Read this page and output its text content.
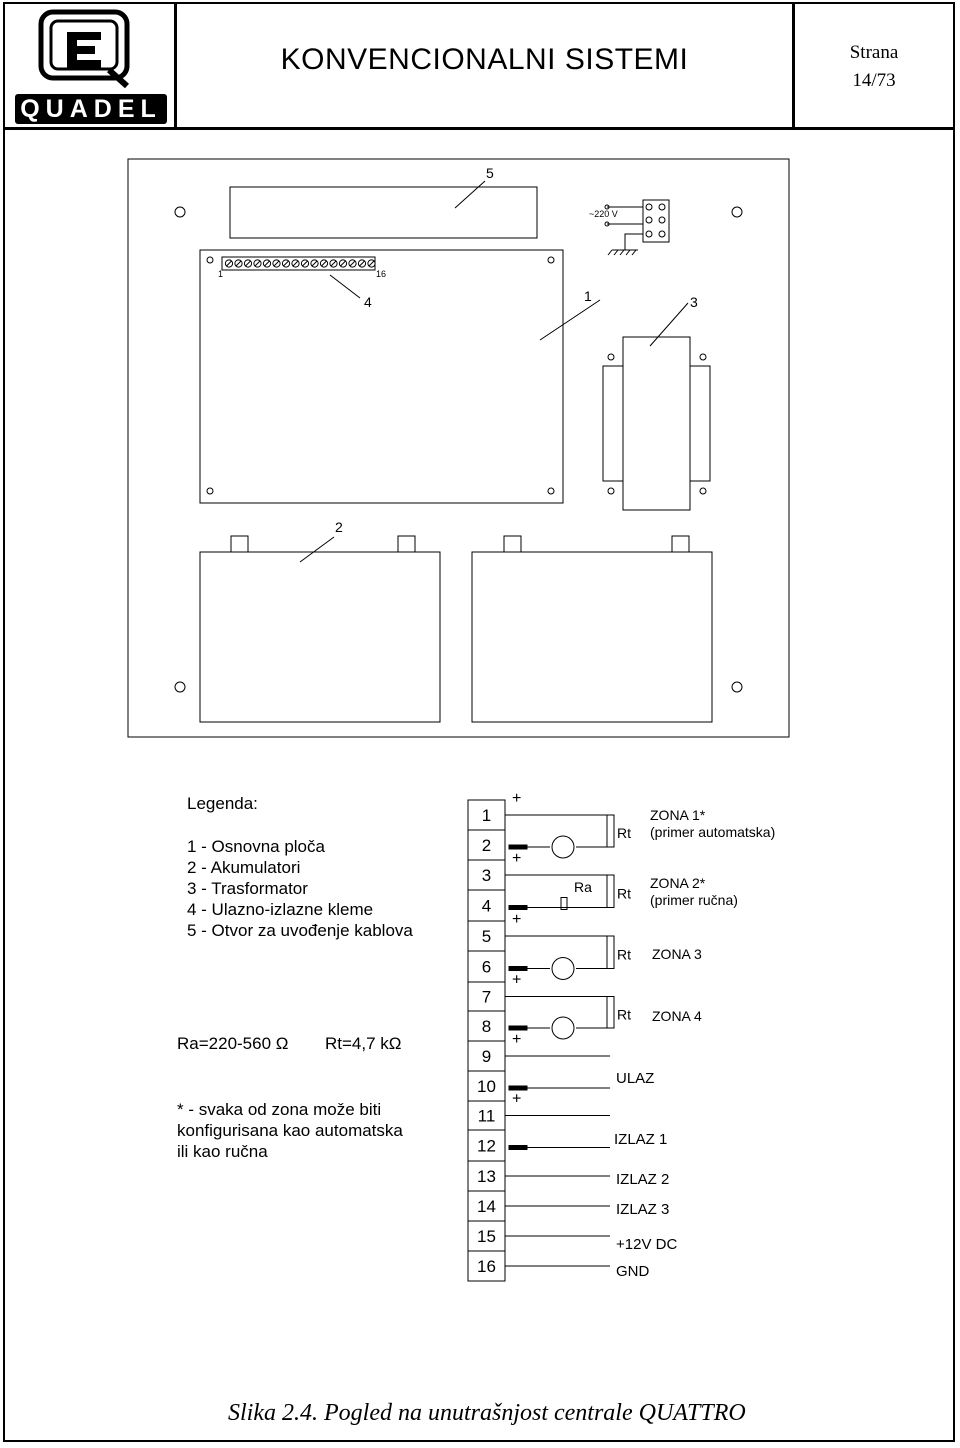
QUADEL
KONVENCIONALNI SISTEMI	Strana
14/73
5
~220 V
1	16
4	1	3
2
Legenda:
1 - Osnovna ploča
2 - Akumulatori
3 - Trasformator
4 - Ulazno-izlazne kleme
5 - Otvor za uvođenje kablova
Ra=220-560 Ω Rt=4,7 kΩ
* - svaka od zona može biti
konfigurisana kao automatska
ili kao ručna
ZONA 1*
(primer automatska)
ZONA 2*
(primer ručna)
ZONA 3
ZONA 4
Ra
ULAZ
IZLAZ 1
IZLAZ 2
IZLAZ 3
+12V DC
GND
1
2
3
4
5
6
7
8
9
10
11
12
13
14
15
16
+
Rt
+
Rt
+
Rt
+
Rt
+
+
Slika 2.4. Pogled na unutrašnjost centrale QUATTRO
